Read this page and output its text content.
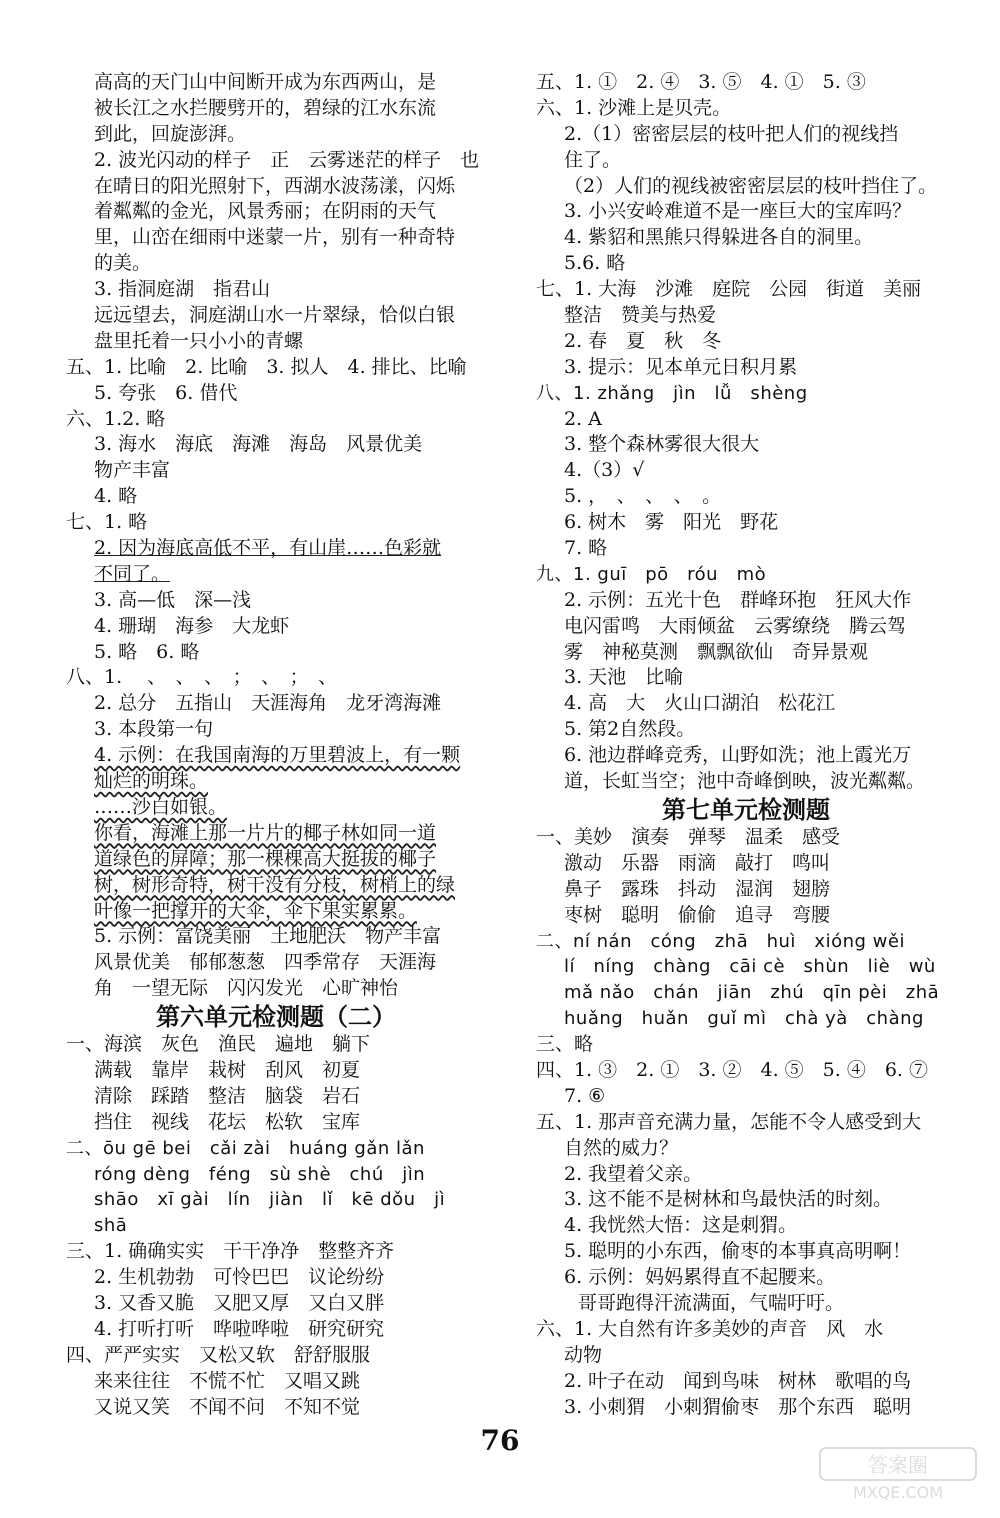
高高的天门山中间断开成为东西两山，是
被长江之水拦腰劈开的，碧绿的江水东流
到此，回旋澎湃。
2. 波光闪动的样子　正　云雾迷茫的样子　也
在晴日的阳光照射下，西湖水波荡漾，闪烁
着粼粼的金光，风景秀丽；在阴雨的天气
里，山峦在细雨中迷蒙一片，别有一种奇特
的美。
3. 指洞庭湖　指君山
远远望去，洞庭湖山水一片翠绿，恰似白银
盘里托着一只小小的青螺
五、1. 比喻　2. 比喻　3. 拟人　4. 排比、比喻
5. 夸张　6. 借代
六、1.2. 略
3. 海水　海底　海滩　海岛　风景优美
物产丰富
4. 略
七、1. 略
2. 因为海底高低不平，有山崖……色彩就
不同了。
3. 高—低　深—浅
4. 珊瑚　海参　大龙虾
5. 略　6. 略
八、1. 　、　、　、　；　、　；　、
2. 总分　五指山　天涯海角　龙牙湾海滩
3. 本段第一句
4. 示例：在我国南海的万里碧波上，有一颗
灿烂的明珠。
……沙白如银。
你看，海滩上那一片片的椰子林如同一道
道绿色的屏障；那一棵棵高大挺拔的椰子
树，树形奇特，树干没有分枝，树梢上的绿
叶像一把撑开的大伞，伞下果实累累。
5. 示例：富饶美丽　土地肥沃　物产丰富
风景优美　郁郁葱葱　四季常存　天涯海
角　一望无际　闪闪发光　心旷神怡
第六单元检测题（二）
一、海滨　灰色　渔民　遍地　躺下
满载　靠岸　栽树　刮风　初夏
清除　踩踏　整洁　脑袋　岩石
挡住　视线　花坛　松软　宝库
二、ōu gē bei　cǎi zài　huáng gǎn lǎn
róng dèng　féng　sù shè　chú　jìn
shāo　xī gài　lín　jiàn　lǐ　kē dǒu　jì
shā
三、1. 确确实实　干干净净　整整齐齐
2. 生机勃勃　可怜巴巴　议论纷纷
3. 又香又脆　又肥又厚　又白又胖
4. 打听打听　哗啦哗啦　研究研究
四、严严实实　又松又软　舒舒服服
来来往往　不慌不忙　又唱又跳
又说又笑　不闻不问　不知不觉
五、1. ①　2. ④　3. ⑤　4. ①　5. ③
六、1. 沙滩上是贝壳。
2.（1）密密层层的枝叶把人们的视线挡
住了。
（2）人们的视线被密密层层的枝叶挡住了。
3. 小兴安岭难道不是一座巨大的宝库吗？
4. 紫貂和黑熊只得躲进各自的洞里。
5.6. 略
七、1. 大海　沙滩　庭院　公园　街道　美丽
整洁　赞美与热爱
2. 春　夏　秋　冬
3. 提示：见本单元日积月累
八、1. zhǎng　jìn　lǚ　shèng
2. A
3. 整个森林雾很大很大
4.（3）√
5. ，　、　、　、　。
6. 树木　雾　阳光　野花
7. 略
九、1. guī　pō　róu　mò
2. 示例：五光十色　群峰环抱　狂风大作
电闪雷鸣　大雨倾盆　云雾缭绕　腾云驾
雾　神秘莫测　飘飘欲仙　奇异景观
3. 天池　比喻
4. 高　大　火山口湖泊　松花江
5. 第2自然段。
6. 池边群峰竞秀，山野如洗；池上霞光万
道，长虹当空；池中奇峰倒映，波光粼粼。
第七单元检测题
一、美妙　演奏　弹琴　温柔　感受
激动　乐器　雨滴　敲打　鸣叫
鼻子　露珠　抖动　湿润　翅膀
枣树　聪明　偷偷　追寻　弯腰
二、ní nán　cóng　zhā　huì　xióng wěi
lí　níng　chàng　cāi cè　shùn　liè　wù
mǎ nǎo　chán　jiān　zhú　qīn pèi　zhā
huǎng　huǎn　guǐ mì　chà yà　chàng
三、略
四、1. ③　2. ①　3. ②　4. ⑤　5. ④　6. ⑦
7. ⑥
五、1. 那声音充满力量，怎能不令人感受到大
自然的威力？
2. 我望着父亲。
3. 这不能不是树林和鸟最快活的时刻。
4. 我恍然大悟：这是刺猬。
5. 聪明的小东西，偷枣的本事真高明啊！
6. 示例：妈妈累得直不起腰来。
哥哥跑得汗流满面，气喘吁吁。
六、1. 大自然有许多美妙的声音　风　水
动物
2. 叶子在动　闻到鸟味　树林　歌唱的鸟
3. 小刺猬　小刺猬偷枣　那个东西　聪明
76
答案圈
MXQE.COM
